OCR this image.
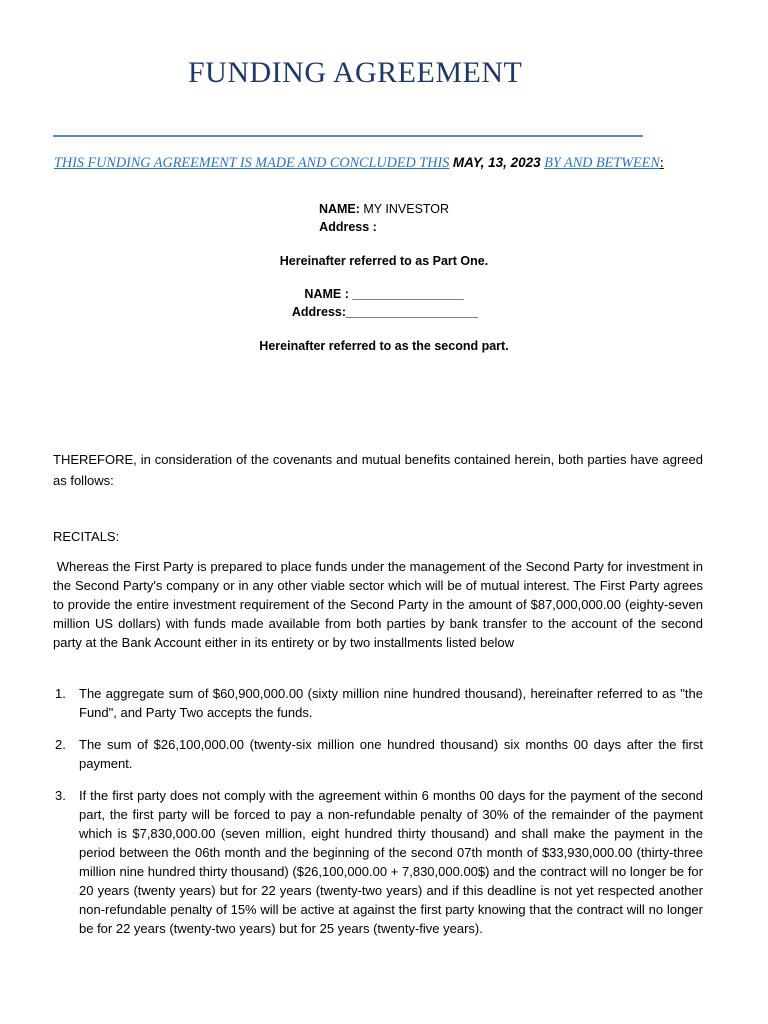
FUNDING AGREEMENT
THIS FUNDING AGREEMENT IS MADE AND CONCLUDED THIS MAY, 13, 2023 BY AND BETWEEN:
NAME: MY INVESTOR
Address :
Hereinafter referred to as Part One.
NAME : ________________
Address:___________________
Hereinafter referred to as the second part.
THEREFORE, in consideration of the covenants and mutual benefits contained herein, both parties have agreed as follows:
RECITALS:
Whereas the First Party is prepared to place funds under the management of the Second Party for investment in the Second Party's company or in any other viable sector which will be of mutual interest. The First Party agrees to provide the entire investment requirement of the Second Party in the amount of $87,000,000.00 (eighty-seven million US dollars) with funds made available from both parties by bank transfer to the account of the second party at the Bank Account either in its entirety or by two installments listed below
1.	The aggregate sum of $60,900,000.00 (sixty million nine hundred thousand), hereinafter referred to as "the Fund", and Party Two accepts the funds.
2.	The sum of $26,100,000.00 (twenty-six million one hundred thousand) six months 00 days after the first payment.
3.	If the first party does not comply with the agreement within 6 months 00 days for the payment of the second part, the first party will be forced to pay a non-refundable penalty of 30% of the remainder of the payment which is $7,830,000.00 (seven million, eight hundred thirty thousand) and shall make the payment in the period between the 06th month and the beginning of the second 07th month of $33,930,000.00 (thirty-three million nine hundred thirty thousand) ($26,100,000.00 + 7,830,000.00$) and the contract will no longer be for 20 years (twenty years) but for 22 years (twenty-two years) and if this deadline is not yet respected another non-refundable penalty of 15% will be active at against the first party knowing that the contract will no longer be for 22 years (twenty-two years) but for 25 years (twenty-five years).
